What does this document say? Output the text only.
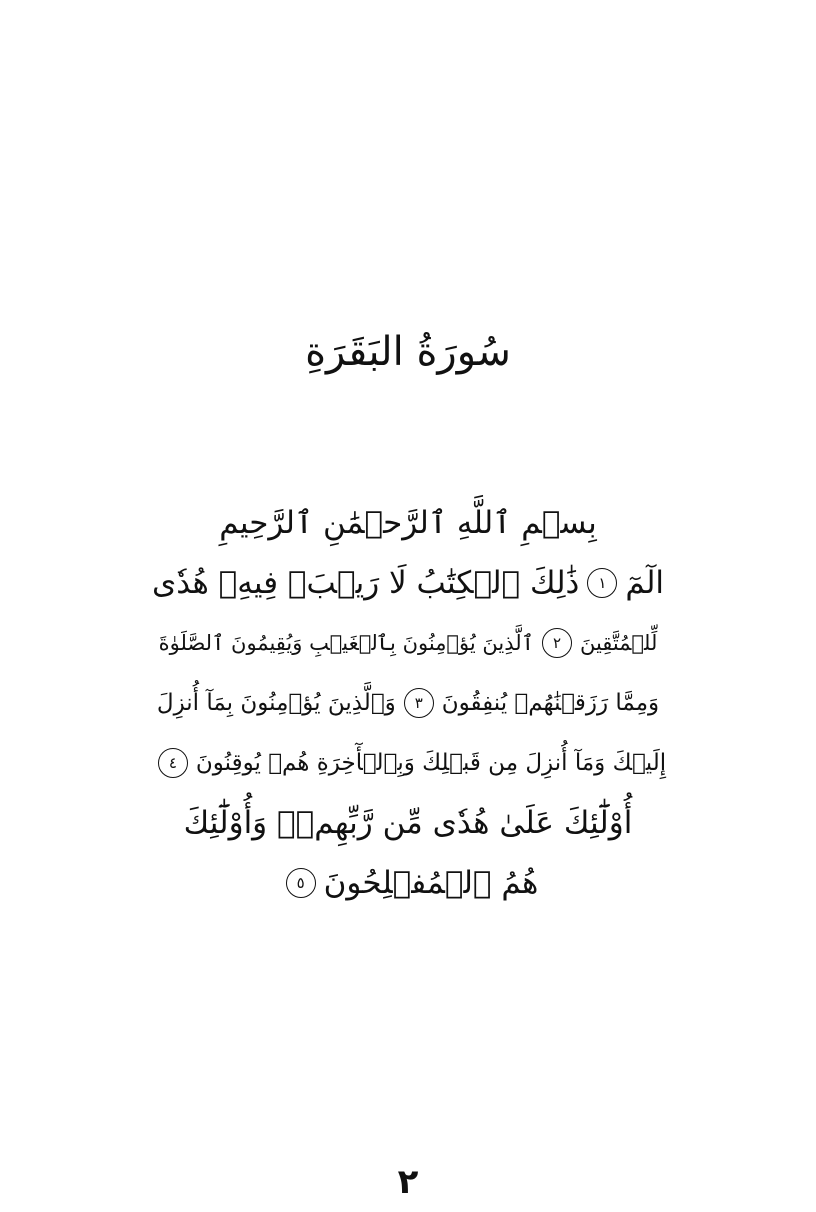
سُورَةُ البَقَرَةِ
بِسۡمِ ٱللَّهِ ٱلرَّحۡمَٰنِ ٱلرَّحِيمِ
الٓمٓ
١
ذَٰلِكَ ٱلۡكِتَٰبُ لَا رَيۡبَۛ فِيهِۛ هُدٗى
لِّلۡمُتَّقِينَ
٢
ٱلَّذِينَ يُؤۡمِنُونَ بِٱلۡغَيۡبِ وَيُقِيمُونَ ٱلصَّلَوٰةَ
وَمِمَّا رَزَقۡنَٰهُمۡ يُنفِقُونَ
٣
وَٱلَّذِينَ يُؤۡمِنُونَ بِمَآ أُنزِلَ
إِلَيۡكَ وَمَآ أُنزِلَ مِن قَبۡلِكَ وَبِٱلۡأٓخِرَةِ هُمۡ يُوقِنُونَ
٤
أُوْلَٰٓئِكَ عَلَىٰ هُدٗى مِّن رَّبِّهِمۡۖ وَأُوْلَٰٓئِكَ
هُمُ ٱلۡمُفۡلِحُونَ
٥
٢
